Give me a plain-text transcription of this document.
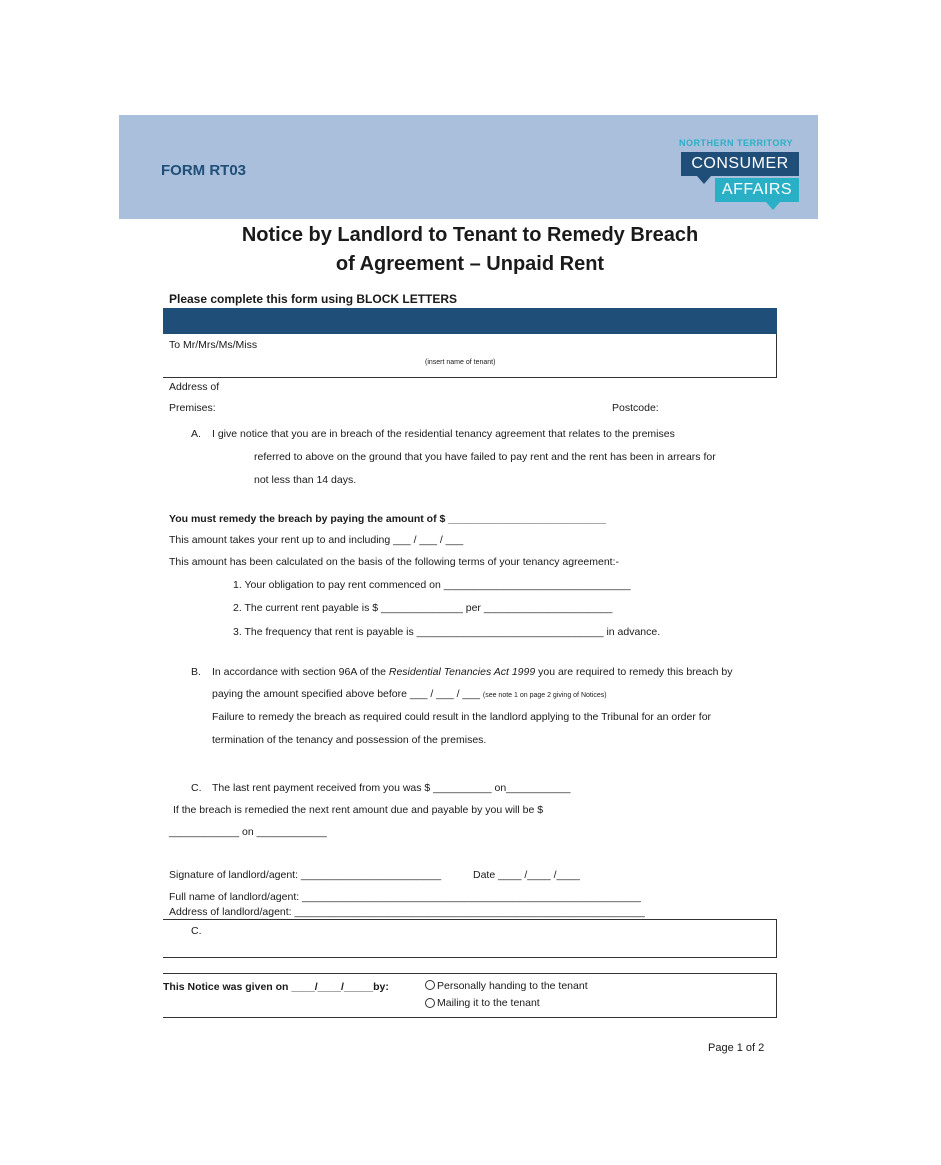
FORM RT03
NORTHERN TERRITORY
CONSUMER
AFFAIRS
Notice by Landlord to Tenant to Remedy Breach
of Agreement – Unpaid Rent
Please complete this form using BLOCK LETTERS
To Mr/Mrs/Ms/Miss
(insert name of tenant)
Address of
Premises:	Postcode:
A. I give notice that you are in breach of the residential tenancy agreement that relates to the premises
referred to above on the ground that you have failed to pay rent and the rent has been in arrears for
not less than 14 days.
You must remedy the breach by paying the amount of $ ___________________________
This amount takes your rent up to and including ___ / ___ / ___
This amount has been calculated on the basis of the following terms of your tenancy agreement:-
1. Your obligation to pay rent commenced on ________________________________
2. The current rent payable is $ ______________ per ______________________
3. The frequency that rent is payable is ________________________________ in advance.
B. In accordance with section 96A of the Residential Tenancies Act 1999 you are required to remedy this breach by
paying the amount specified above before ___ / ___ / ___ (see note 1 on page 2 giving of Notices)
Failure to remedy the breach as required could result in the landlord applying to the Tribunal for an order for
termination of the tenancy and possession of the premises.
C. The last rent payment received from you was $ __________ on___________
If the breach is remedied the next rent amount due and payable by you will be $
____________ on ____________
Signature of landlord/agent: ________________________	Date ____ /____ /____
Full name of landlord/agent: __________________________________________________________
Address of landlord/agent: ____________________________________________________________
C.
This Notice was given on ____/____/_____by:	Personally handing to the tenant
Mailing it to the tenant
Page 1 of 2
